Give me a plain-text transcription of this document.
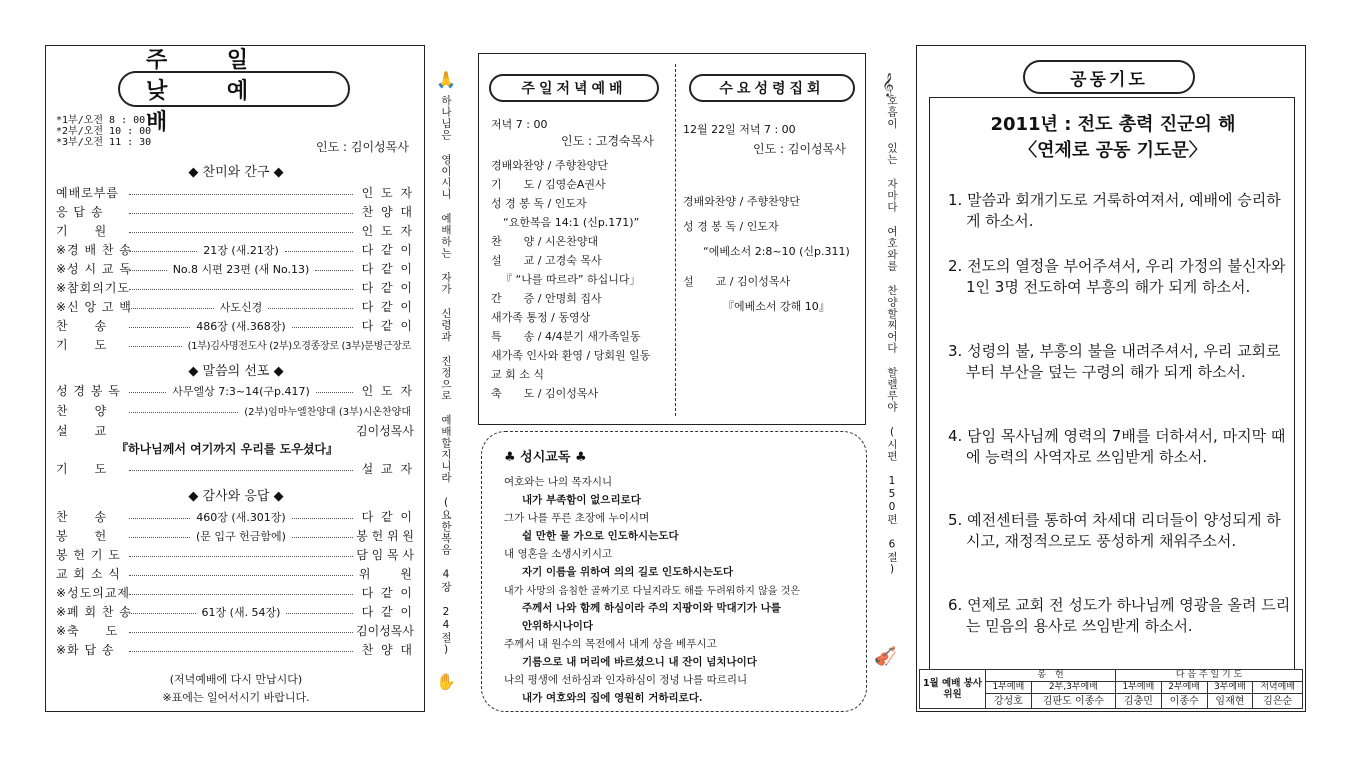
주 일 낮 예 배
*1부/오전 8 : 00
*2부/오전 10 : 00
*3부/오전 11 : 30	인도 : 김이성목사
◆ 찬미와 간구 ◆
예배로부름	인 도 자
응 답 송	찬 양 대
기　　원	인 도 자
※경 배 찬 송	21장 (새.21장)	다 같 이
※성 시 교 독	No.8 시편 23편 (새 No.13)	다 같 이
※참회의기도	다 같 이
※신 앙 고 백	사도신경	다 같 이
찬　　송	486장 (새.368장)	다 같 이
기　　도	(1부)김사명전도사 (2부)오경종장로 (3부)문병근장로
◆ 말씀의 선포 ◆
성 경 봉 독	사무엘상 7:3~14(구p.417)	인 도 자
찬　　양	(2부)임마누엘찬양대 (3부)시온찬양대
설　　교	김이성목사
『하나님께서 여기까지 우리를 도우셨다』
기　　도	설 교 자
◆ 감사와 응답 ◆
찬　　송	460장 (새.301장)	다 같 이
봉　　헌	(문 입구 헌금함에)	봉 헌 위 원
봉 헌 기 도	담 임 목 사
교 회 소 식	위　　원
※성도의교제	다 같 이
※폐 회 찬 송	61장 (새. 54장)	다 같 이
※축　　도	김이성목사
※화 답 송	찬 양 대
(저녁예배에 다시 만납시다)
※표에는 일어서시기 바랍니다.
🙏
하나님은 영이시니 예배하는 자가 신령과 진정으로 예배할지니라 (요한복음 4장 24절)
✋
𝄞
호흡이 있는 자마다 여호와를 찬양할찌어다 할렐루야 (시편 150편 6절)
🎻
주일저녁예배	수요성령집회
저녁 7 : 00
인도 : 고경숙목사
경배와찬양 / 주향찬양단
기　　도 / 김영순A권사
성 경 봉 독 / 인도자
“요한복음 14:1 (신p.171)”
찬　　양 / 시온찬양대
설　　교 / 고경숙 목사
『 “나를 따르라” 하십니다」
간　　증 / 안명희 집사
새가족 통정 / 동영상
특　　송 / 4/4분기 새가족일동
새가족 인사와 환영 / 당회원 일동
교 회 소 식
축　　도 / 김이성목사
12월 22일 저녁 7 : 00
인도 : 김이성목사
경배와찬양 / 주향찬양단
성 경 봉 독 / 인도자
“에베소서 2:8~10 (신p.311)
설　　교 / 김이성목사
『에베소서 강해 10』
♣ 성시교독 ♣
여호와는 나의 목자시니
내가 부족함이 없으리로다
그가 나를 푸른 초장에 누이시며
쉴 만한 물 가으로 인도하시는도다
내 영혼을 소생시키시고
자기 이름을 위하여 의의 길로 인도하시는도다
내가 사망의 음침한 골짜기로 다닐지라도 해를 두려워하지 않을 것은
주께서 나와 함께 하심이라 주의 지팡이와 막대기가 나를
안위하시나이다
주께서 내 원수의 목전에서 내게 상을 베푸시고
기름으로 내 머리에 바르셨으니 내 잔이 넘치나이다
나의 평생에 선하심과 인자하심이 정녕 나를 따르리니
내가 여호와의 집에 영원히 거하리로다.
공동기도
2011년 : 전도 총력 진군의 해
〈연제로 공동 기도문〉
1. 말씀과 회개기도로 거룩하여져서, 예배에 승리하게 하소서.
2. 전도의 열정을 부어주셔서, 우리 가정의 불신자와 1인 3명 전도하여 부흥의 해가 되게 하소서.
3. 성령의 불, 부흥의 불을 내려주셔서, 우리 교회로부터 부산을 덮는 구령의 해가 되게 하소서.
4. 담임 목사님께 영력의 7배를 더하셔서, 마지막 때에 능력의 사역자로 쓰임받게 하소서.
5. 예전센터를 통하여 차세대 리더들이 양성되게 하시고, 재정적으로도 풍성하게 채워주소서.
6. 연제로 교회 전 성도가 하나님께 영광을 올려 드리는 믿음의 용사로 쓰임받게 하소서.
1월 예배 봉사위원	봉　헌		다 음 주 일 기 도			
	1부예배	2부,3부예배	1부예배	2부예배	3부예배	저녁예배
	강성호	김판도 이종수	김충민	이종수	임재현	김은순
